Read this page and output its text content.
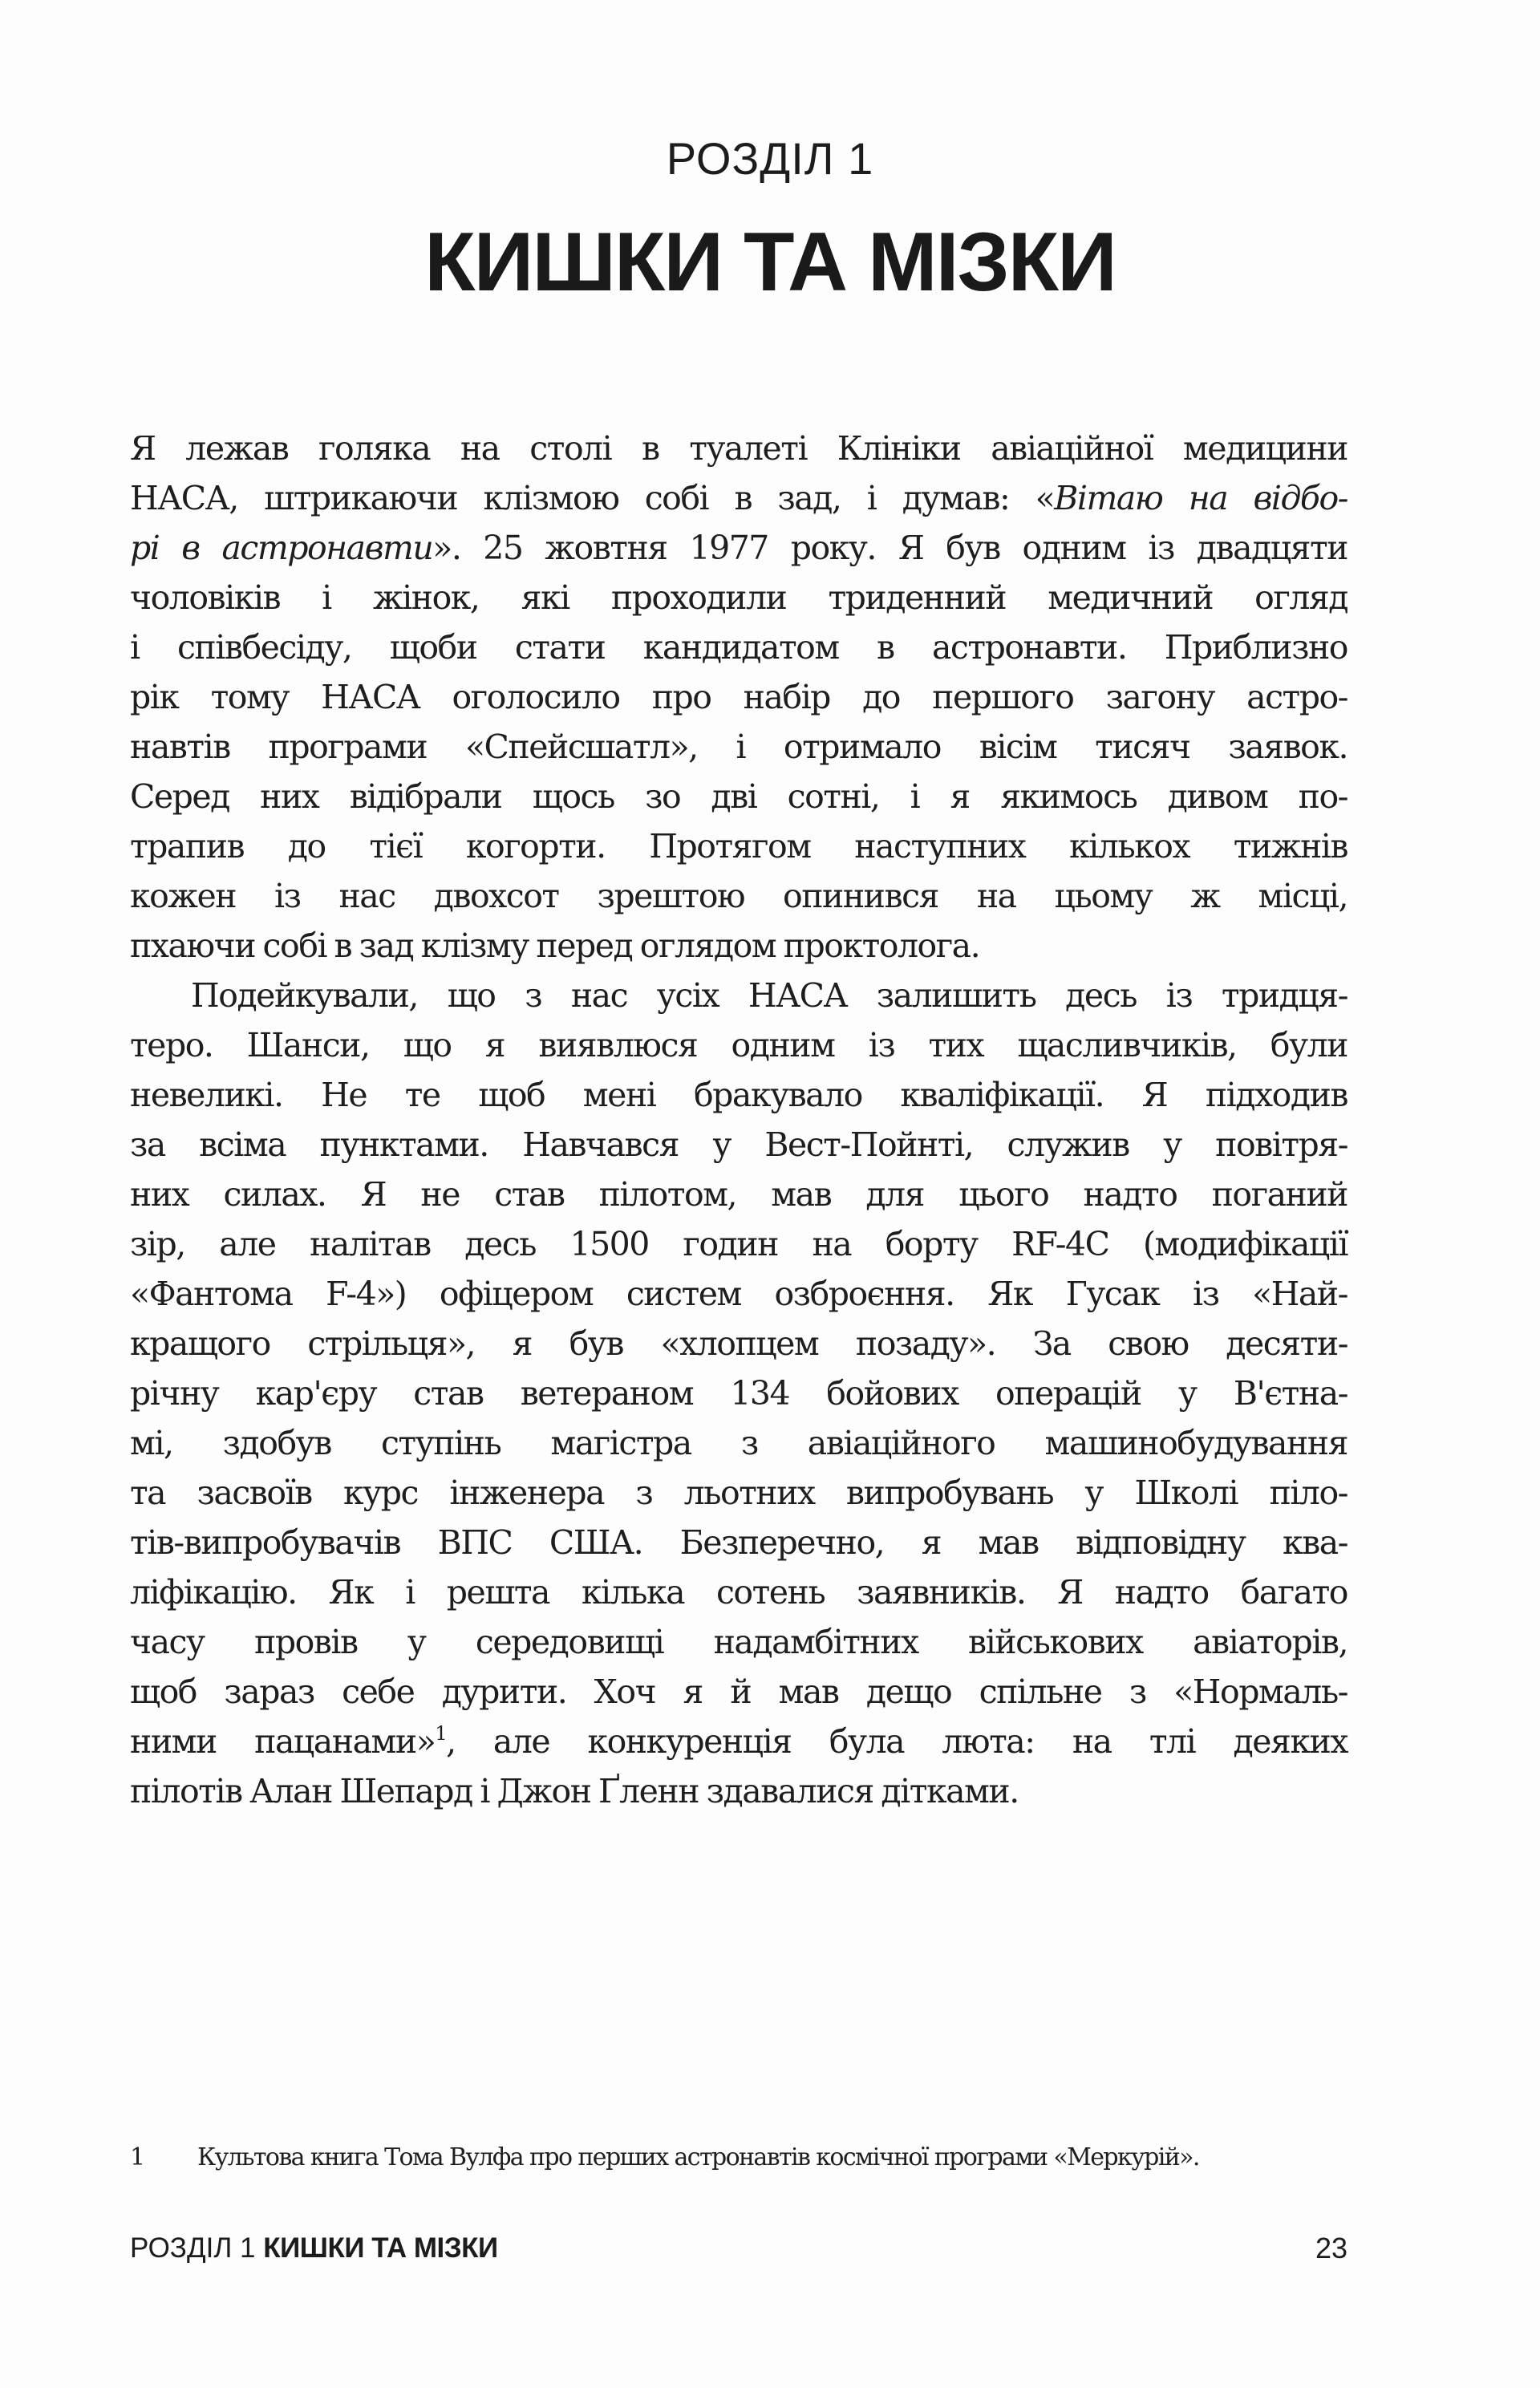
РОЗДІЛ 1
КИШКИ ТА МІЗКИ
Я лежав голяка на столі в туалеті Клініки авіаційної медицини
НАСА, штрикаючи клізмою собі в зад, і думав: «Вітаю на відбо-
рі в астронавти». 25 жовтня 1977 року. Я був одним із двадцяти
чоловіків і жінок, які проходили триденний медичний огляд
і співбесіду, щоби стати кандидатом в астронавти. Приблизно
рік тому НАСА оголосило про набір до першого загону астро-
навтів програми «Спейсшатл», і отримало вісім тисяч заявок.
Серед них відібрали щось зо дві сотні, і я якимось дивом по-
трапив до тієї когорти. Протягом наступних кількох тижнів
кожен із нас двохсот зрештою опинився на цьому ж місці,
пхаючи собі в зад клізму перед оглядом проктолога.
Подейкували, що з нас усіх НАСА залишить десь із тридця-
теро. Шанси, що я виявлюся одним із тих щасливчиків, були
невеликі. Не те щоб мені бракувало кваліфікації. Я підходив
за всіма пунктами. Навчався у Вест-Пойнті, служив у повітря-
них силах. Я не став пілотом, мав для цього надто поганий
зір, але налітав десь 1500 годин на борту RF-4C (модифікації
«Фантома F-4») офіцером систем озброєння. Як Гусак із «Най-
кращого стрільця», я був «хлопцем позаду». За свою десяти-
річну кар'єру став ветераном 134 бойових операцій у В'єтна-
мі, здобув ступінь магістра з авіаційного машинобудування
та засвоїв курс інженера з льотних випробувань у Школі піло-
тів-випробувачів ВПС США. Безперечно, я мав відповідну ква-
ліфікацію. Як і решта кілька сотень заявників. Я надто багато
часу провів у середовищі надамбітних військових авіаторів,
щоб зараз себе дурити. Хоч я й мав дещо спільне з «Нормаль-
ними пацанами»$^1$, але конкуренція була люта: на тлі деяких
пілотів Алан Шепард і Джон Ґленн здавалися дітками.
1 Культова книга Тома Вулфа про перших астронавтів космічної програми «Меркурій».
РОЗДІЛ 1 КИШКИ ТА МІЗКИ	23
